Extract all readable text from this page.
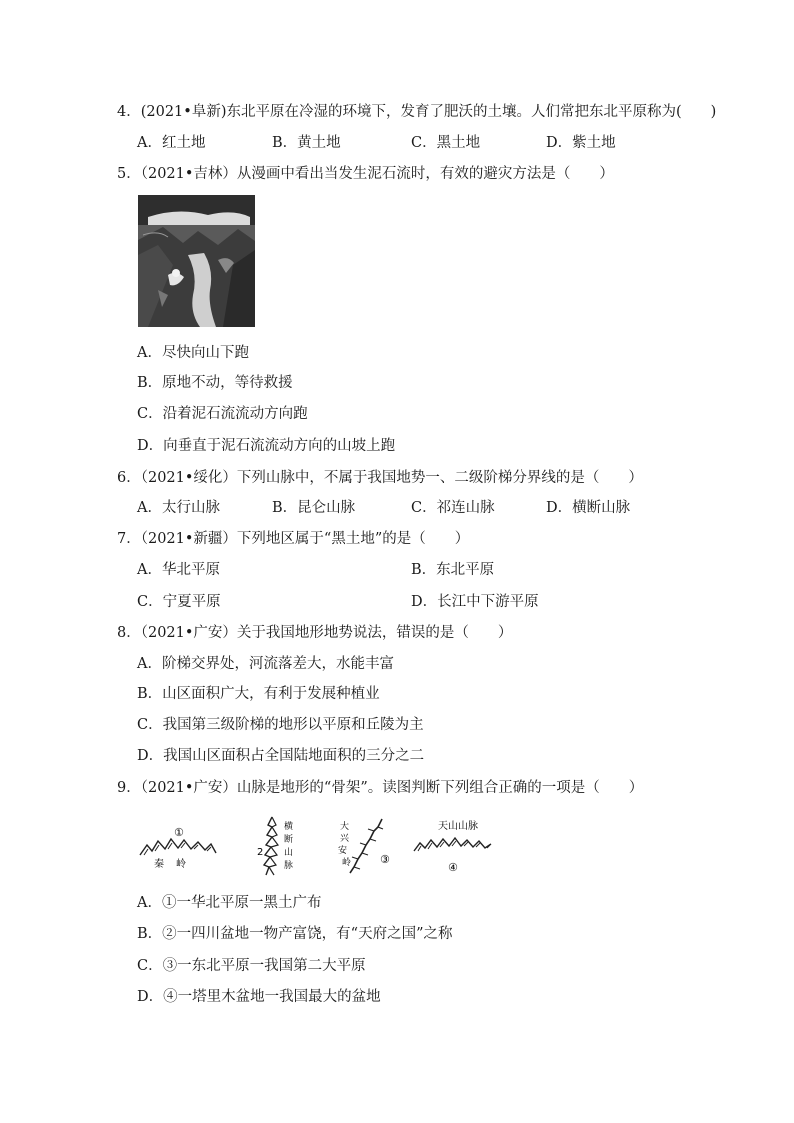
4．(2021•阜新)东北平原在冷湿的环境下，发育了肥沃的土壤。人们常把东北平原称为(　　)
A．红土地	B．黄土地	C．黑土地	D．紫土地
5．（2021•吉林）从漫画中看出当发生泥石流时，有效的避灾方法是（　　）
A．尽快向山下跑
B．原地不动，等待救援
C．沿着泥石流流动方向跑
D．向垂直于泥石流流动方向的山坡上跑
6．（2021•绥化）下列山脉中，不属于我国地势一、二级阶梯分界线的是（　　）
A．太行山脉	B．昆仑山脉	C．祁连山脉	D．横断山脉
7．（2021•新疆）下列地区属于“黑土地”的是（　　）
A．华北平原	B．东北平原
C．宁夏平原	D．长江中下游平原
8．（2021•广安）关于我国地形地势说法，错误的是（　　）
A．阶梯交界处，河流落差大，水能丰富
B．山区面积广大，有利于发展种植业
C．我国第三级阶梯的地形以平原和丘陵为主
D．我国山区面积占全国陆地面积的三分之二
9．（2021•广安）山脉是地形的“骨架”。读图判断下列组合正确的一项是（　　）
①
秦 岭
2
横
断
山
脉
大
兴
安
岭	③
天山山脉
④
A．①一华北平原一黑土广布
B．②一四川盆地一物产富饶，有“天府之国”之称
C．③一东北平原一我国第二大平原
D．④一塔里木盆地一我国最大的盆地
